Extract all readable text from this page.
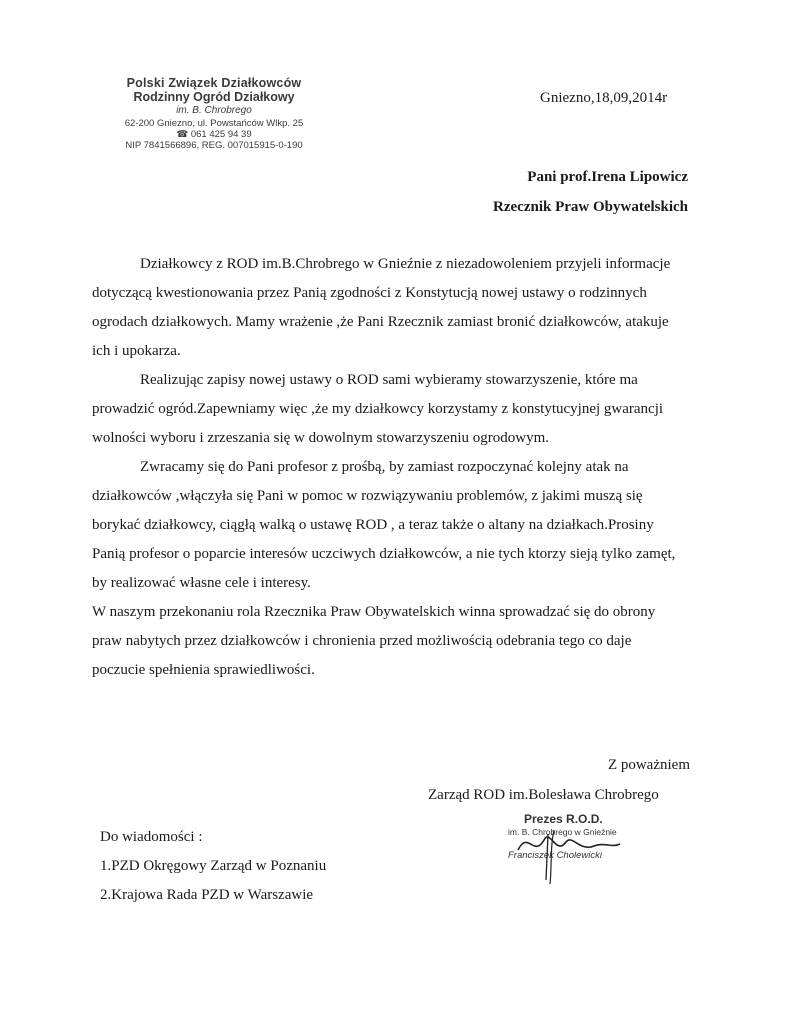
Polski Związek Działkowców
Rodzinny Ogród Działkowy
im. B. Chrobrego
62-200 Gniezno, ul. Powstańców Wlkp. 25
☎ 061 425 94 39
NIP 7841566896, REG. 007015915-0-190
Gniezno,18,09,2014r
Pani prof.Irena Lipowicz
Rzecznik Praw Obywatelskich

Działkowcy z ROD im.B.Chrobrego w Gnieźnie z niezadowoleniem przyjeli informacje dotyczącą kwestionowania przez Panią zgodności z Konstytucją nowej ustawy o rodzinnych ogrodach działkowych. Mamy wrażenie ,że Pani Rzecznik zamiast bronić działkowców, atakuje ich i upokarza.

Realizując zapisy nowej ustawy o ROD sami wybieramy stowarzyszenie, które ma prowadzić ogród.Zapewniamy więc ,że my działkowcy korzystamy z konstytucyjnej gwarancji wolności wyboru i zrzeszania się w dowolnym stowarzyszeniu ogrodowym.

Zwracamy się do Pani profesor z prośbą, by zamiast rozpoczynać kolejny atak na działkowców ,włączyła się Pani w pomoc w rozwiązywaniu problemów, z jakimi muszą się borykać działkowcy, ciągłą walką o ustawę ROD , a teraz także o altany na działkach.Prosiny Panią profesor o poparcie interesów uczciwych działkowców, a nie tych ktorzy sieją tylko zamęt, by realizować własne cele i interesy.

W naszym przekonaniu rola Rzecznika Praw Obywatelskich winna sprowadzać się do obrony praw nabytych przez działkowców i chronienia przed możliwością odebrania tego co daje poczucie spełnienia sprawiedliwości.

Z poważniem
Zarząd ROD im.Bolesława Chrobrego
Prezes R.O.D.
im. B. Chrobrego w Gnieźnie
Franciszek Cholewicki
Do wiadomości :
1.PZD Okręgowy Zarząd w Poznaniu
2.Krajowa Rada PZD w Warszawie
